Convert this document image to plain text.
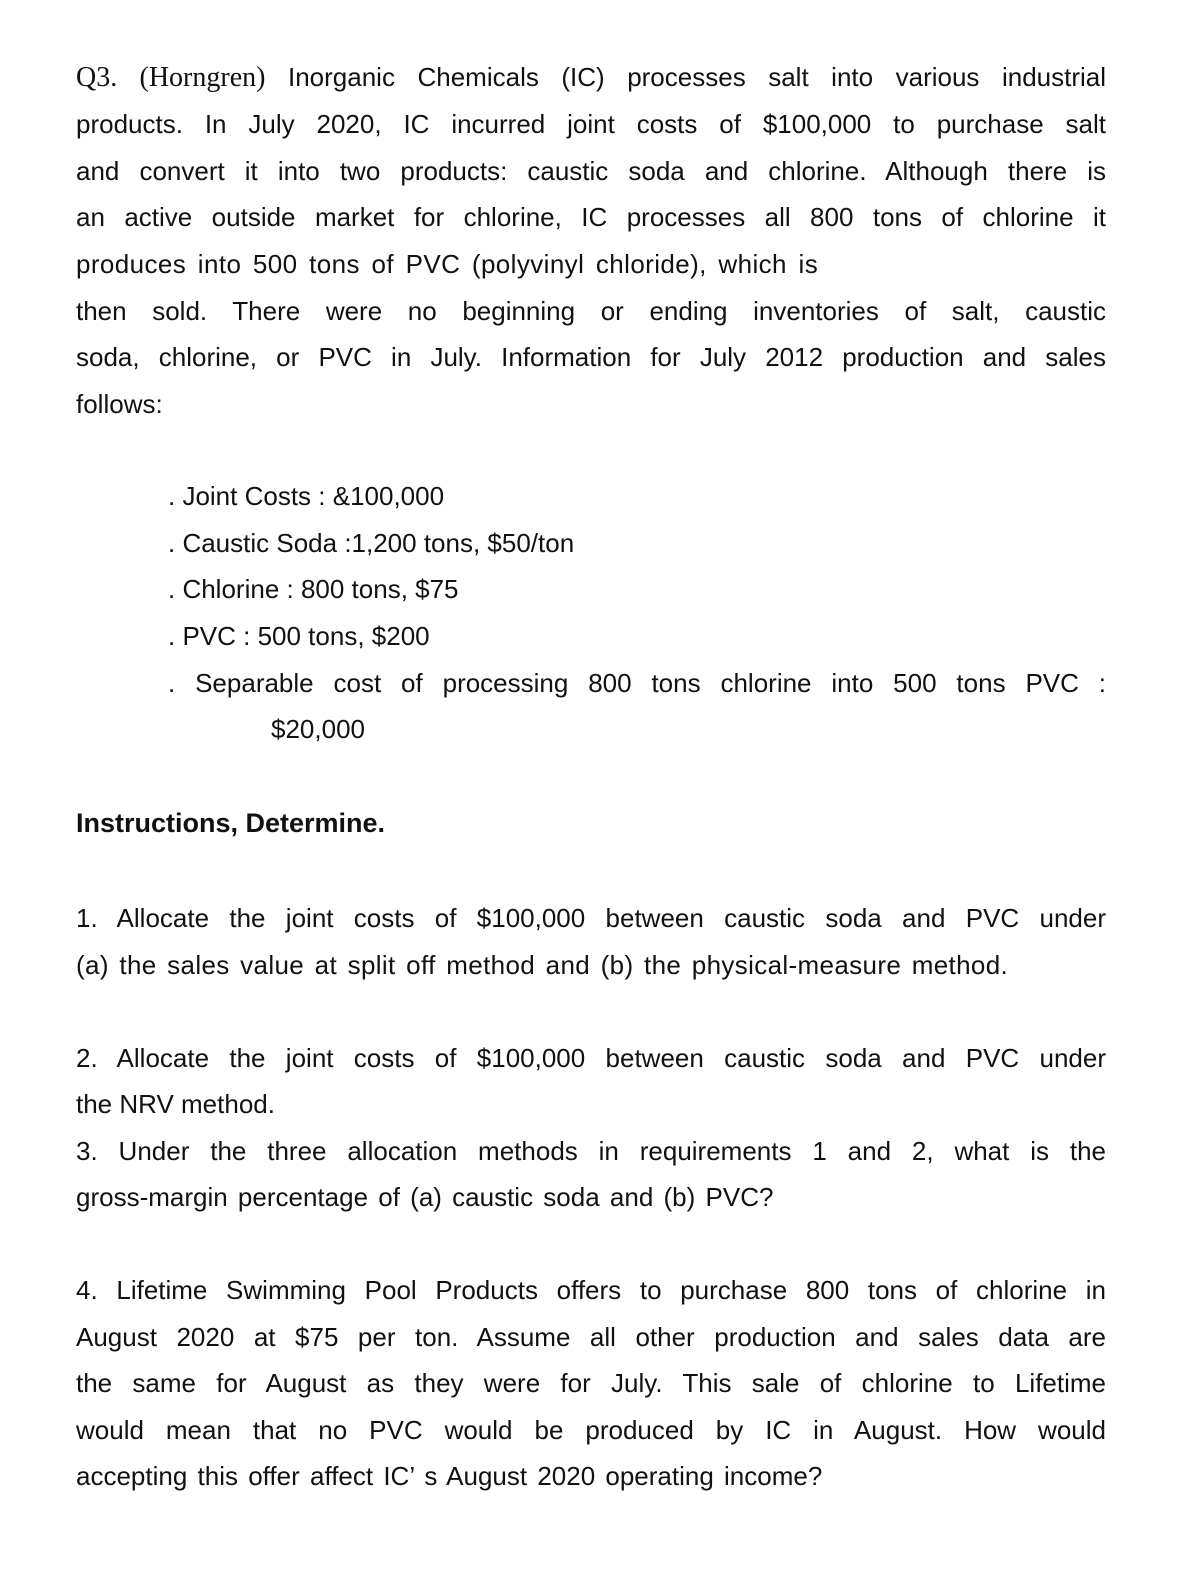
Q3. (Horngren) Inorganic Chemicals (IC) processes salt into various industrial
products. In July 2020, IC incurred joint costs of $100,000 to purchase salt
and convert it into two products: caustic soda and chlorine. Although there is
an active outside market for chlorine, IC processes all 800 tons of chlorine it
produces into 500 tons of PVC (polyvinyl chloride), which is
then sold. There were no beginning or ending inventories of salt, caustic
soda, chlorine, or PVC in July. Information for July 2012 production and sales
follows:
. Joint Costs : &100,000
. Caustic Soda :1,200 tons, $50/ton
. Chlorine : 800 tons, $75
. PVC : 500 tons, $200
. Separable cost of processing 800 tons chlorine into 500 tons PVC :
$20,000
Instructions, Determine.
1. Allocate the joint costs of $100,000 between caustic soda and PVC under
(a) the sales value at split off method and (b) the physical-measure method.
2. Allocate the joint costs of $100,000 between caustic soda and PVC under
the NRV method.
3. Under the three allocation methods in requirements 1 and 2, what is the
gross-margin percentage of (a) caustic soda and (b) PVC?
4. Lifetime Swimming Pool Products offers to purchase 800 tons of chlorine in
August 2020 at $75 per ton. Assume all other production and sales data are
the same for August as they were for July. This sale of chlorine to Lifetime
would mean that no PVC would be produced by IC in August. How would
accepting this offer affect IC’ s August 2020 operating income?
